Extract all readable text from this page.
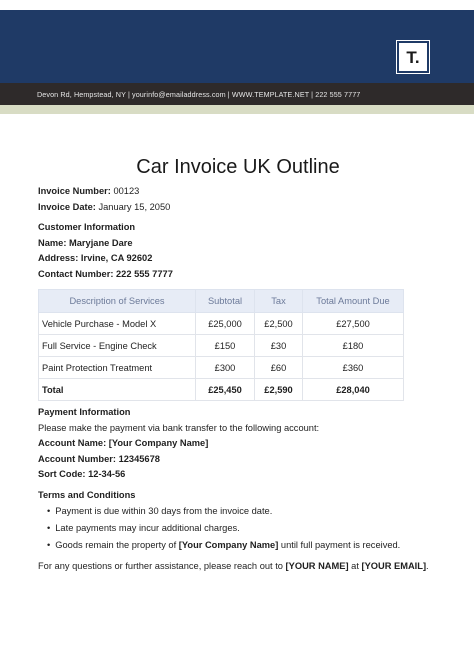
T.
Devon Rd, Hempstead, NY | yourinfo@emailaddress.com | WWW.TEMPLATE.NET | 222 555 7777
Car Invoice UK Outline
Invoice Number: 00123
Invoice Date: January 15, 2050
Customer Information
Name: Maryjane Dare
Address: Irvine, CA 92602
Contact Number: 222 555 7777
Description of Services	Subtotal	Tax	Total Amount Due
Vehicle Purchase - Model X	£25,000	£2,500	£27,500
Full Service - Engine Check	£150	£30	£180
Paint Protection Treatment	£300	£60	£360
Total	£25,450	£2,590	£28,040
Payment Information
Please make the payment via bank transfer to the following account:
Account Name: [Your Company Name]
Account Number: 12345678
Sort Code: 12-34-56
Terms and Conditions
• Payment is due within 30 days from the invoice date.
• Late payments may incur additional charges.
• Goods remain the property of [Your Company Name] until full payment is received.
For any questions or further assistance, please reach out to [YOUR NAME] at [YOUR EMAIL].
